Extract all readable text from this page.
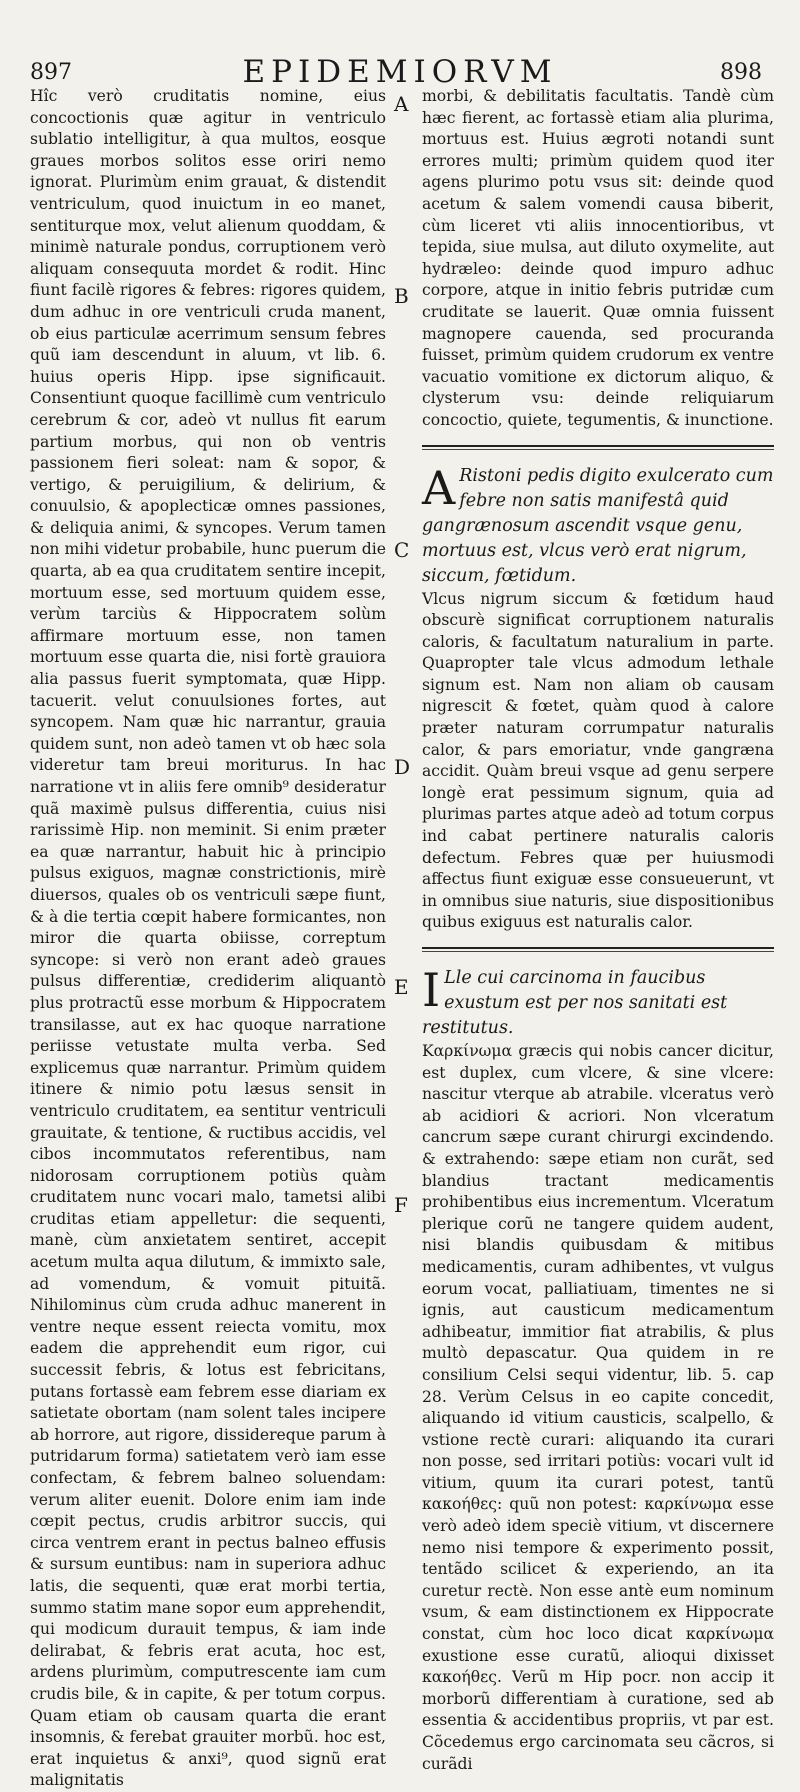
897	EPIDEMIORVM	898

Hîc verò cruditatis nomine, eius concoctionis quæ agitur in ventriculo sublatio intelligitur, à qua multos, eosque graues morbos solitos esse oriri nemo ignorat. Plurimùm enim grauat, & distendit ventriculum, quod inuictum in eo manet, sentiturque mox, velut alienum quoddam, & minimè naturale pondus, corruptionem verò aliquam consequuta mordet & rodit. Hinc fiunt facilè rigores & febres: rigores quidem, dum adhuc in ore ventriculi cruda manent, ob eius particulæ acerrimum sensum febres quũ iam descendunt in aluum, vt lib. 6. huius operis Hipp. ipse significauit. Consentiunt quoque facillimè cum ventriculo cerebrum & cor, adeò vt nullus fit earum partium morbus, qui non ob ventris passionem fieri soleat: nam & sopor, & vertigo, & peruigilium, & delirium, & conuulsio, & apoplecticæ omnes passiones, & deliquia animi, & syncopes. Verum tamen non mihi videtur probabile, hunc puerum die quarta, ab ea qua cruditatem sentire incepit, mortuum esse, sed mortuum quidem esse, verùm tarciùs & Hippocratem solùm affirmare mortuum esse, non tamen mortuum esse quarta die, nisi fortè grauiora alia passus fuerit symptomata, quæ Hipp. tacuerit. velut conuulsiones fortes, aut syncopem. Nam quæ hic narrantur, grauia quidem sunt, non adeò tamen vt ob hæc sola videretur tam breui moriturus. In hac narratione vt in aliis fere omnib⁹ desideratur quã maximè pulsus differentia, cuius nisi rarissimè Hip. non meminit. Si enim præter ea quæ narrantur, habuit hic à principio pulsus exiguos, magnæ constrictionis, mirè diuersos, quales ob os ventriculi sæpe fiunt, & à die tertia cœpit habere formicantes, non miror die quarta obiisse, correptum syncope: si verò non erant adeò graues pulsus differentiæ, crediderim aliquantò plus protractũ esse morbum & Hippocratem transilasse, aut ex hac quoque narratione periisse vetustate multa verba. Sed explicemus quæ narrantur. Primùm quidem itinere & nimio potu læsus sensit in ventriculo cruditatem, ea sentitur ventriculi grauitate, & tentione, & ructibus accidis, vel cibos incommutatos referentibus, nam nidorosam corruptionem potiùs quàm cruditatem nunc vocari malo, tametsi alibi cruditas etiam appelletur: die sequenti, manè, cùm anxietatem sentiret, accepit acetum multa aqua dilutum, & immixto sale, ad vomendum, & vomuit pituitã. Nihilominus cùm cruda adhuc manerent in ventre neque essent reiecta vomitu, mox eadem die apprehendit eum rigor, cui successit febris, & lotus est febricitans, putans fortassè eam febrem esse diariam ex satietate obortam (nam solent tales incipere ab horrore, aut rigore, dissidereque parum à putridarum forma) satietatem verò iam esse confectam, & febrem balneo soluendam: verum aliter euenit. Dolore enim iam inde cœpit pectus, crudis arbitror succis, qui circa ventrem erant in pectus balneo effusis & sursum euntibus: nam in superiora adhuc latis, die sequenti, quæ erat morbi tertia, summo statim mane sopor eum apprehendit, qui modicum durauit tempus, & iam inde delirabat, & febris erat acuta, hoc est, ardens plurimùm, computrescente iam cum crudis bile, & in capite, & per totum corpus. Quam etiam ob causam quarta die erant insomnis, & ferebat grauiter morbũ. hoc est, erat inquietus & anxi⁹, quod signũ erat malignitatis

A
B
C
D
E
F

morbi, & debilitatis facultatis. Tandè cùm hæc fierent, ac fortassè etiam alia plurima, mortuus est. Huius ægroti notandi sunt errores multi; primùm quidem quod iter agens plurimo potu vsus sit: deinde quod acetum & salem vomendi causa biberit, cùm liceret vti aliis innocentioribus, vt tepida, siue mulsa, aut diluto oxymelite, aut hydræleo: deinde quod impuro adhuc corpore, atque in initio febris putridæ cum cruditate se lauerit. Quæ omnia fuissent magnopere cauenda, sed procuranda fuisset, primùm quidem crudorum ex ventre vacuatio vomitione ex dictorum aliquo, & clysterum vsu: deinde reliquiarum concoctio, quiete, tegumentis, & inunctione.

A Ristoni pedis digito exulcerato cum febre non satis manifestâ quid gangrænosum ascendit vsque genu, mortuus est, vlcus verò erat nigrum, siccum, fœtidum.

Vlcus nigrum siccum & fœtidum haud obscurè significat corruptionem naturalis caloris, & facultatum naturalium in parte. Quapropter tale vlcus admodum lethale signum est. Nam non aliam ob causam nigrescit & fœtet, quàm quod à calore præter naturam corrumpatur naturalis calor, & pars emoriatur, vnde gangræna accidit. Quàm breui vsque ad genu serpere longè erat pessimum signum, quia ad plurimas partes atque adeò ad totum corpus ind cabat pertinere naturalis caloris defectum. Febres quæ per huiusmodi affectus fiunt exiguæ esse consueuerunt, vt in omnibus siue naturis, siue dispositionibus quibus exiguus est naturalis calor.

I Lle cui carcinoma in faucibus exustum est per nos sanitati est restitutus.

Καρκίνωμα græcis qui nobis cancer dicitur, est duplex, cum vlcere, & sine vlcere: nascitur vterque ab atrabile. vlceratus verò ab acidiori & acriori. Non vlceratum cancrum sæpe curant chirurgi excindendo. & extrahendo: sæpe etiam non curãt, sed blandius tractant medicamentis prohibentibus eius incrementum. Vlceratum plerique corũ ne tangere quidem audent, nisi blandis quibusdam & mitibus medicamentis, curam adhibentes, vt vulgus eorum vocat, palliatiuam, timentes ne si ignis, aut causticum medicamentum adhibeatur, immitior fiat atrabilis, & plus multò depascatur. Qua quidem in re consilium Celsi sequi videntur, lib. 5. cap 28. Verùm Celsus in eo capite concedit, aliquando id vitium causticis, scalpello, & vstione rectè curari: aliquando ita curari non posse, sed irritari potiùs: vocari vult id vitium, quum ita curari potest, tantũ κακοήθες: quũ non potest: καρκίνωμα esse verò adeò idem speciè vitium, vt discernere nemo nisi tempore & experimento possit, tentãdo scilicet & experiendo, an ita curetur rectè. Non esse antè eum nominum vsum, & eam distinctionem ex Hippocrate constat, cùm hoc loco dicat καρκίνωμα exustione esse curatũ, alioqui dixisset κακοήθες. Verũ m Hip pocr. non accip it morborũ differentiam à curatione, sed ab essentia & accidentibus propriis, vt par est. Cõcedemus ergo carcinomata seu cãcros, si curãdi
